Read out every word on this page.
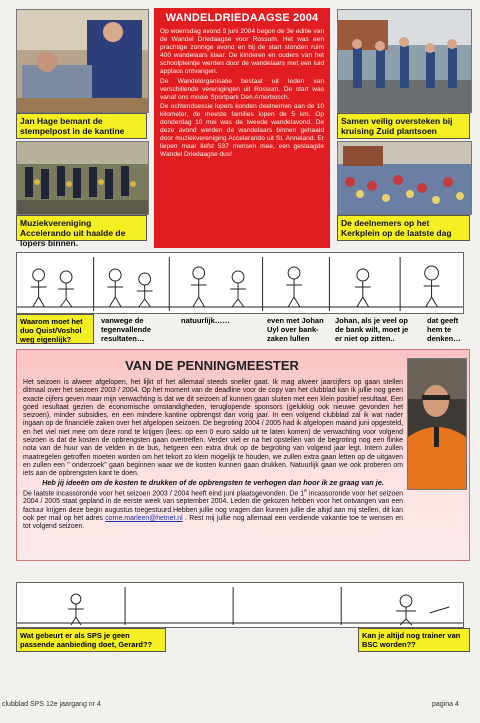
Jan Hage bemant de stempelpost in de kantine
Samen veilig oversteken bij kruising Zuid plantsoen
Muziekvereniging Accelerando uit haalde de lopers binnen.
De deelnemers op het Kerkplein op de laatste dag
WANDELDRIEDAAGSE 2004

Op woensdag avond 9 juni 2004 begon de 3e editie van de Wandel Driedaagse voor Rossum. Het was een prachtige zonnige avond en bij de start stonden ruim 400 wandelaars klaar. De kinderen en ouders van het schoolpleintje werden door de wandelaars met een luid applaus ontvangen.

De Wandelorganisatie bestaat uit leden van verschillende verenigingen uit Rossum. De start was vanaf ons mooie Sportpark Den Amerbosch.

De ochtendsessie lopers konden deelnemen aan de 10 kilometer, de meeste families lopen de 5 km. Op donderdag 10 mei was de tweede wandelavond. De deze avond werden de wandelaars binnen gehaald door muziekvereniging Accelerando uit St. Anneland. Er liepen maar liefst 537 mensen mee, een geslaagde Wandel Driedaagse dus!

Waarom moet het duo Quist/Voshol weg eigenlijk?
vanwege de tegenvallende resultaten…
natuurlijk……	even met Johan Uyl over bank-zaken lullen
Johan, als je veel op de bank wilt, moet je er niet op zitten..
dat geeft hem te denken…
VAN DE PENNINGMEESTER

Het seizoen is alweer afgelopen, het lijkt of het allemaal steeds sneller gaat. Ik mag alweer jaarcijfers op gaan stellen ditmaal over het seizoen 2003 / 2004. Op het moment van de deadline voor de copy van het clubblad kan ik jullie nog geen exacte cijfers geven maar mijn verwachting is dat we dit seizoen af kunnen gaan sluiten met een klein positief resultaat. Een goed resultaat gezien de economische omstandigheden, teruglopende sponsors (gelukkig ook nieuwe gevonden het seizoen), minder subsidies, en een mindere kantine opbrengst dan vorig jaar. In een volgend clubblad zal ik wat nader ingaan op de financiële zaken over het afgelopen seizoen. De begroting 2004 / 2005 had ik afgelopen maand juni opgesteld, en het viel niet mee om deze rond te krijgen (lees: op een 0 euro saldo uit te laten komen) de verwachting voor volgend seizoen is dat de kosten de opbrengsten gaan overtreffen. Verder viel er na het opstellen van de begroting nog een flinke nota van de huur van de velden in de bus, hetgeen een extra druk op de begroting van volgend jaar legt. Intern zullen maatregelen getroffen moeten worden om het tekort zo klein mogelijk te houden, we zullen extra gaan letten op de uitgaven en zullen een " onderzoek" gaan beginnen waar we de kosten kunnen gaan drukken. Natuurlijk gaan we ook proberen om iets aan de opbrengsten kant te doen.

Heb jij ideeën om de kosten te drukken of de opbrengsten te verhogen dan hoor ik ze graag van je.

De laatste incassoronde voor het seizoen 2003 / 2004 heeft eind juni plaatsgevonden. De 1e incassoronde voor het seizoen 2004 / 2005 staat gepland in de eerste week van september 2004. Leden die gekozen hebben voor het ontvangen van een factuur krijgen deze begin augustus toegestuurd.Hebben jullie nog vragen dan kunnen jullie die altijd aan mij stellen, dit kan ook per mail op het adres corne.marleen@hetnet.nl . Rest mij jullie nog allemaal een verdiende vakantie toe te wensen en tot volgend seizoen.

Wat gebeurt er als SPS je geen passende aanbieding doet, Gerard??
Kan je altijd nog trainer van BSC worden??
clubblad SPS 12e jaargang nr 4	pagina 4
